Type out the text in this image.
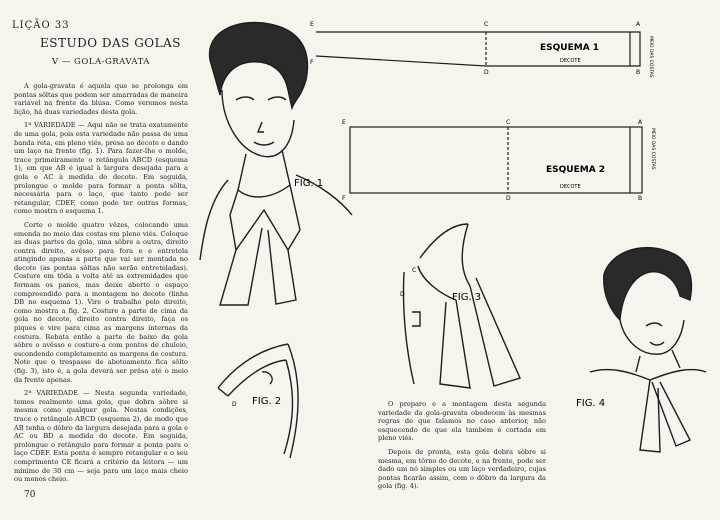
LIÇÃO 33
ESTUDO DAS GOLAS
V — GOLA-GRAVATA

A gola-gravata é aquela que se prolonga em pontas sôltas que podem ser amarradas de maneira variável na frente da blusa. Como veremos nesta lição, há duas variedades desta gola.

1ª VARIEDADE — Aqui não se trata exatamente de uma gola, pois esta variedade não passa de uma banda reta, em pleno viés, presa ao decote e dando um laço na frente (fig. 1). Para fazer-lhe o molde, trace primeiramente o retângulo ABCD (esquema 1), em que AB é igual à largura desejada para a gola e AC à medida do decote. Em seguida, prolongue o molde para formar a ponta sôlta, necessária para o laço, que tanto pode ser retangular, CDEF, como pode ter outras formas, como mostra o esquema 1.

Corte o molde quatro vêzes, colocando uma emenda no meio das costas em pleno viés. Coloque as duas partes da gola, uma sôbre a outra, direito contra direito, avêsso para fora e e entretela atingindo apenas a parte que vai ser montada no decote (as pontas sôltas não serão entreteladas). Costure em tôda a volta até as extremidades que formam os panos, mas deixe aberto o espaço compreendido para a montagem no decote (linha DB no esquema 1). Vire o trabalho pelo direito, como mostra a fig. 2. Costure a parte de cima da gola no decote, direito contra direito, faça os piques e vire para cima as margens internas da costura. Rebata então a parte de baixo da gola sôbre o avêsso e costure-a com pontos de chuleio, escondendo completamente as margens de costura. Note que o trespasse de abotoamento fica sôlto (fig. 3), isto é, a gola deverá ser prêsa até o meio da frente apenas.

2ª VARIEDADE — Nesta segunda variedade, temos realmente uma gola, que dobra sôbre si mesma como qualquer gola. Nestas condições, trace o retângulo ABCD (esquema 2), de modo que AB tenha o dôbro da largura desejada para a gola e AC ou BD a medida do decote. Em seguida, prolongue o retângulo para formar a ponta para o laço CDEF. Esta ponta é sempre retangular e o seu comprimento CE ficará a critério da leitora — um mínimo de 30 cm — seja para um laço mais cheio ou menos cheio.

O preparo e a montagem desta segunda variedade da gola-gravata obedecem às mesmas regras de que falamos no caso anterior, não esquecendo de que ela também é cortada em pleno viés.

Depois de pronta, esta gola dobra sôbre si mesma, em tôrno do decote, e na frente, pode ser dado um nó simples ou um laço verdadeiro, cujas pontas ficarão assim, com o dôbro da largura da gola (fig. 4).

70
FIG. 1
E
F
C
D
A
B
ESQUEMA 1
DECOTE	MEIO DAS COSTAS
E
F
C
D
A
B
ESQUEMA 2
DECOTE
MEIO DAS COSTAS
D FIG. 2
C
D	FIG. 3
FIG. 4
